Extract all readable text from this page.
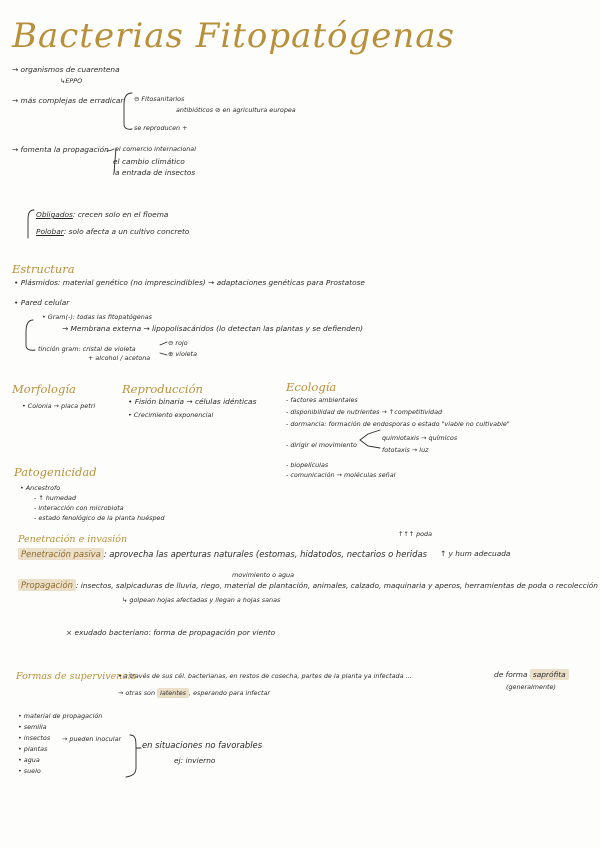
Bacterias Fitopatógenas
→ organismos de cuarentena
↳EPPO
→ más complejas de erradicar ⊖ Fitosanitarios
antibióticos ⊘ en agricultura europea
se reproducen +
→ fomenta la propagación el comercio internacional
el cambio climático
la entrada de insectos
Obligados: crecen solo en el floema
Polobar: solo afecta a un cultivo concreto
Estructura
• Plásmidos: material genético (no imprescindibles) → adaptaciones genéticas para Prostatose
• Pared celular
• Gram(-): todas las fitopatógenas
→ Membrana externa → lipopolisacáridos (lo detectan las plantas y se defienden)
tinción gram: cristal de violeta
+ alcohol / acetona
⊖ rojo
⊕ violeta
Morfología
• Colonia → placa petri
Reproducción
• Fisión binaria → células idénticas
• Crecimiento exponencial
Ecología
- factores ambientales
- disponibilidad de nutrientes → ↑competitividad
- dormancia: formación de endosporas o estado "viable no cultivable"
- dirigir el movimiento
quimiotaxis → químicos
fototaxis → luz
- biopelículas
- comunicación → moléculas señal
Patogenicidad
• Ancestrofo
- ↑ humedad
- interacción con microbiota
- estado fenológico de la planta huésped
Penetración e invasión	↑↑↑ poda
Penetración pasiva : aprovecha las aperturas naturales (estomas, hidatodos, nectarios o heridas ↑ y hum adecuada
movimiento o agua
Propagación : insectos, salpicaduras de lluvia, riego, material de plantación, animales, calzado, maquinaria y aperos, herramientas de poda o recolección
↳ golpean hojas afectadas y llegan a hojas sanas
× exudado bacteriano: forma de propagación por viento
Formas de supervivencia
• a través de sus cél. bacterianas, en restos de cosecha, partes de la planta ya infectada ...	de forma saprófita
(generalmente)
→ otras son latentes , esperando para infectar
• material de propagación
• semilla
• insectos → pueden inocular
• plantas
• agua
• suelo
en situaciones no favorables
ej: invierno
